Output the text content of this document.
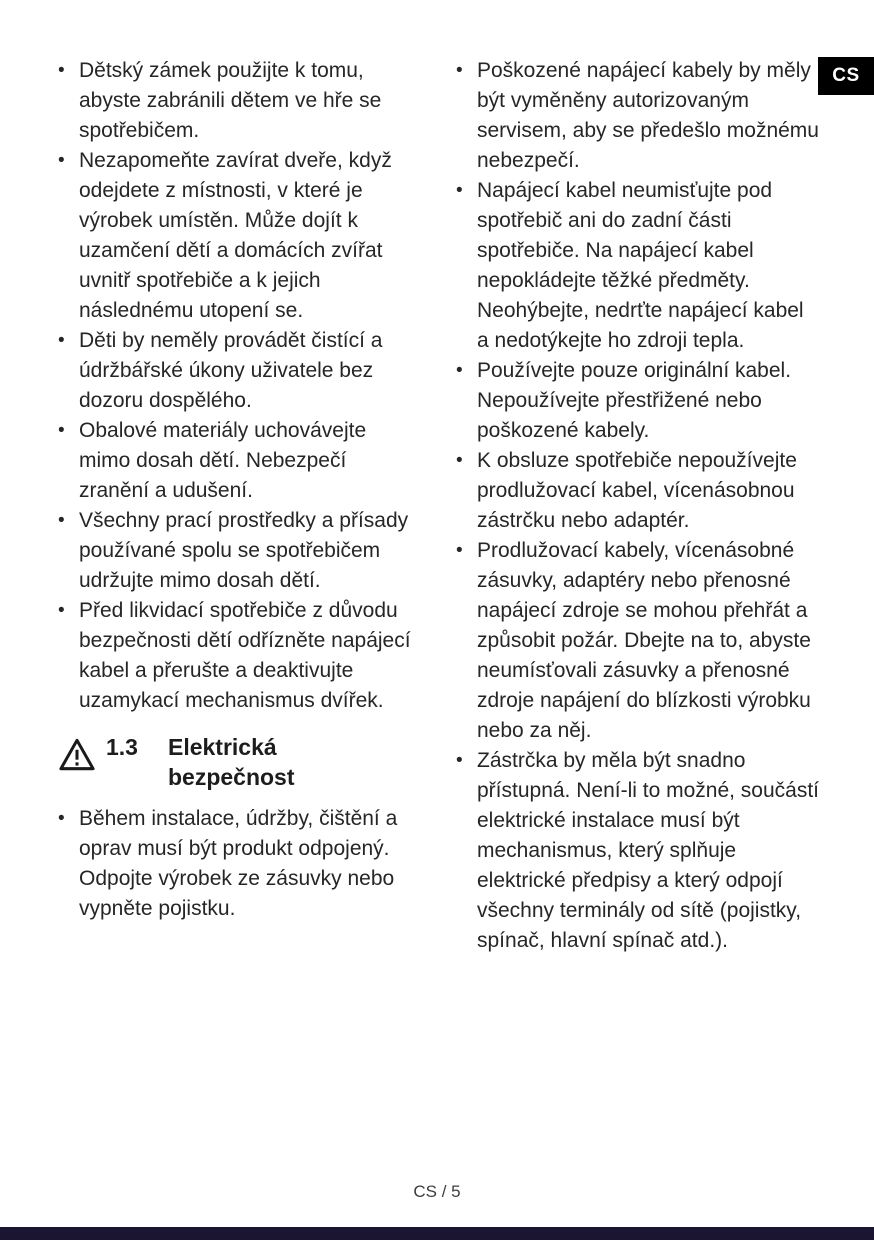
CS
• Dětský zámek použijte k tomu, abyste zabránili dětem ve hře se spotřebičem.
• Nezapomeňte zavírat dveře, když odejdete z místnosti, v které je výrobek umístěn. Může dojít k uzamčení dětí a domácích zvířat uvnitř spotřebiče a k jejich následnému utopení se.
• Děti by neměly provádět čistící a údržbářské úkony uživatele bez dozoru dospělého.
• Obalové materiály uchovávejte mimo dosah dětí. Nebezpečí zranění a udušení.
• Všechny prací prostředky a přísady používané spolu se spotřebičem udržujte mimo dosah dětí.
• Před likvidací spotřebiče z důvodu bezpečnosti dětí odřízněte napájecí kabel a přerušte a deaktivujte uzamykací mechanismus dvířek.
1.3 Elektrická bezpečnost
• Během instalace, údržby, čištění a oprav musí být produkt odpojený. Odpojte výrobek ze zásuvky nebo vypněte pojistku.
• Poškozené napájecí kabely by měly být vyměněny autorizovaným servisem, aby se předešlo možnému nebezpečí.
• Napájecí kabel neumisťujte pod spotřebič ani do zadní části spotřebiče. Na napájecí kabel nepokládejte těžké předměty. Neohýbejte, nedrťte napájecí kabel a nedotýkejte ho zdroji tepla.
• Používejte pouze originální kabel. Nepoužívejte přestřižené nebo poškozené kabely.
• K obsluze spotřebiče nepoužívejte prodlužovací kabel, vícenásobnou zástrčku nebo adaptér.
• Prodlužovací kabely, vícenásobné zásuvky, adaptéry nebo přenosné napájecí zdroje se mohou přehřát a způsobit požár. Dbejte na to, abyste neumísťovali zásuvky a přenosné zdroje napájení do blízkosti výrobku nebo za něj.
• Zástrčka by měla být snadno přístupná. Není-li to možné, součástí elektrické instalace musí být mechanismus, který splňuje elektrické předpisy a který odpojí všechny terminály od sítě (pojistky, spínač, hlavní spínač atd.).
CS / 5
